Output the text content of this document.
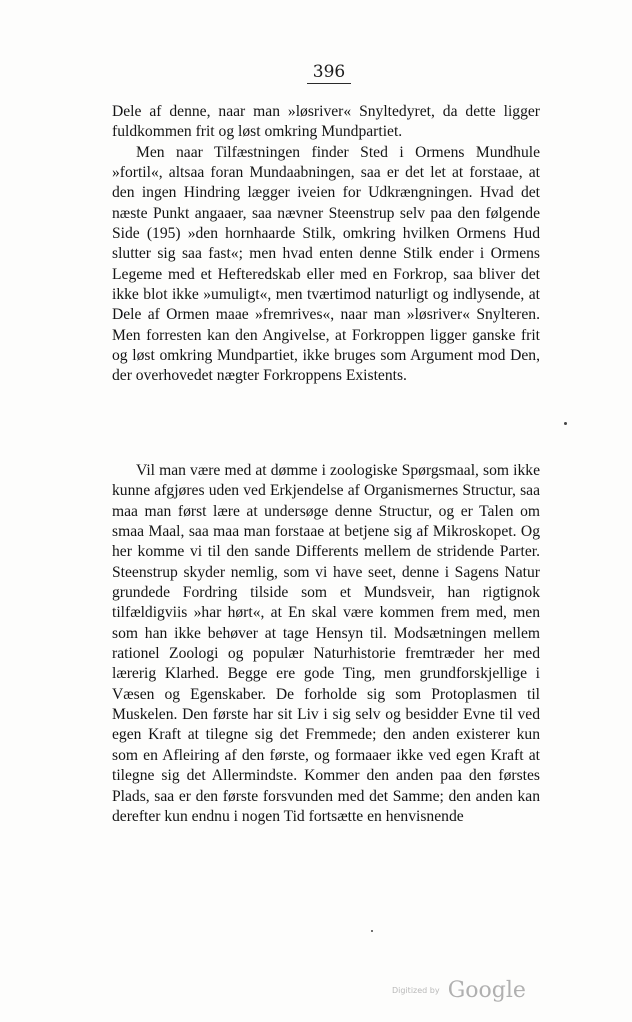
396

Dele af denne, naar man »løsriver« Snyltedyret, da dette ligger fuldkommen frit og løst omkring Mundpartiet.

Men naar Tilfæstningen finder Sted i Ormens Mundhule »fortil«, altsaa foran Mundaabningen, saa er det let at forstaae, at den ingen Hindring lægger iveien for Udkrængningen. Hvad det næste Punkt angaaer, saa nævner Steenstrup selv paa den følgende Side (195) »den hornhaarde Stilk, omkring hvilken Ormens Hud slutter sig saa fast«; men hvad enten denne Stilk ender i Ormens Legeme med et Hefteredskab eller med en Forkrop, saa bliver det ikke blot ikke »umuligt«, men tværtimod naturligt og indlysende, at Dele af Ormen maae »fremrives«, naar man »løsriver« Snylteren. Men forresten kan den Angivelse, at Forkroppen ligger ganske frit og løst omkring Mundpartiet, ikke bruges som Argument mod Den, der overhovedet nægter Forkroppens Existents.

Vil man være med at dømme i zoologiske Spørgsmaal, som ikke kunne afgjøres uden ved Erkjendelse af Organismernes Structur, saa maa man først lære at undersøge denne Structur, og er Talen om smaa Maal, saa maa man forstaae at betjene sig af Mikroskopet. Og her komme vi til den sande Differents mellem de stridende Parter. Steenstrup skyder nemlig, som vi have seet, denne i Sagens Natur grundede Fordring tilside som et Mundsveir, han rigtignok tilfældigviis »har hørt«, at En skal være kommen frem med, men som han ikke behøver at tage Hensyn til. Modsætningen mellem rationel Zoologi og populær Naturhistorie fremtræder her med lærerig Klarhed. Begge ere gode Ting, men grundforskjellige i Væsen og Egenskaber. De forholde sig som Protoplasmen til Muskelen. Den første har sit Liv i sig selv og besidder Evne til ved egen Kraft at tilegne sig det Fremmede; den anden existerer kun som en Afleiring af den første, og formaaer ikke ved egen Kraft at tilegne sig det Allermindste. Kommer den anden paa den førstes Plads, saa er den første forsvunden med det Samme; den anden kan derefter kun endnu i nogen Tid fortsætte en henvisnende

Digitized by Google
